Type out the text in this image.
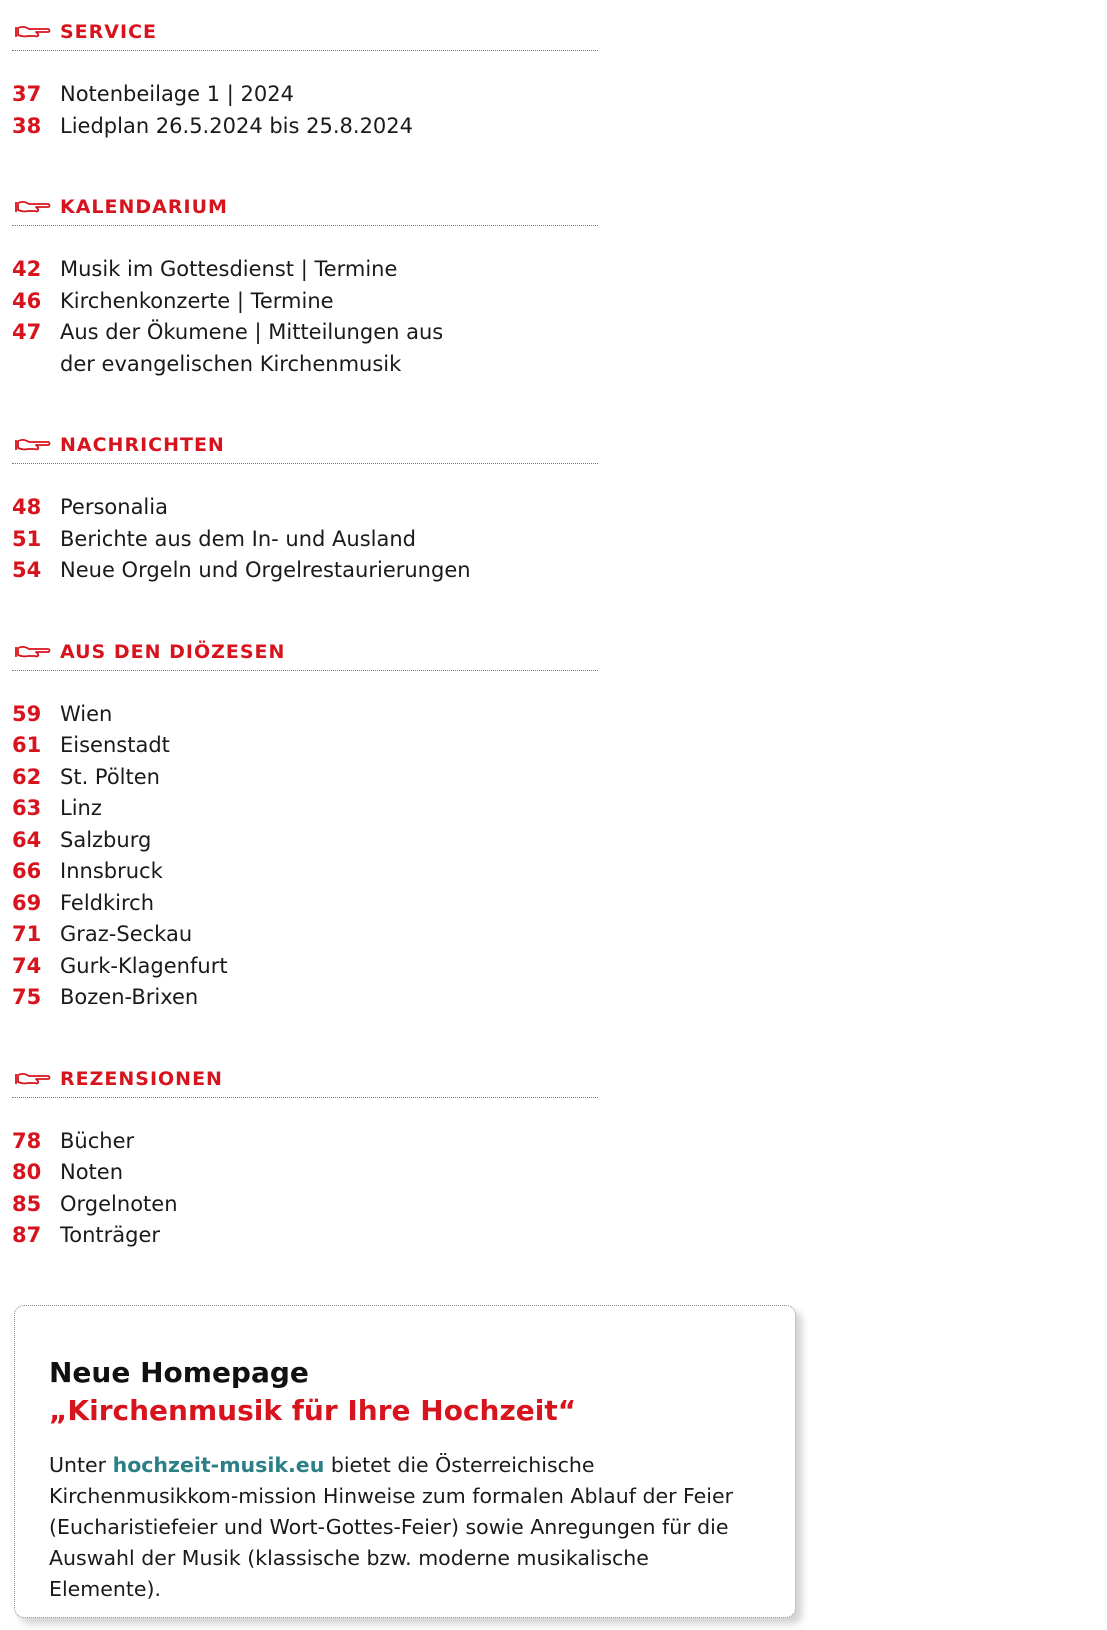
SERVICE
37 Notenbeilage 1 | 2024
38 Liedplan 26.5.2024 bis 25.8.2024
KALENDARIUM
42 Musik im Gottesdienst | Termine
46 Kirchenkonzerte | Termine
47 Aus der Ökumene | Mitteilungen aus der evangelischen Kirchenmusik
NACHRICHTEN
48 Personalia
51 Berichte aus dem In- und Ausland
54 Neue Orgeln und Orgelrestaurierungen
AUS DEN DIÖZESEN
59 Wien
61 Eisenstadt
62 St. Pölten
63 Linz
64 Salzburg
66 Innsbruck
69 Feldkirch
71 Graz-Seckau
74 Gurk-Klagenfurt
75 Bozen-Brixen
REZENSIONEN
78 Bücher
80 Noten
85 Orgelnoten
87 Tonträger
Neue Homepage
„Kirchenmusik für Ihre Hochzeit“
Unter hochzeit-musik.eu bietet die Österreichische Kirchenmusikkom-mission Hinweise zum formalen Ablauf der Feier (Eucharistiefeier und Wort-Gottes-Feier) sowie Anregungen für die Auswahl der Musik (klassische bzw. moderne musikalische Elemente).
